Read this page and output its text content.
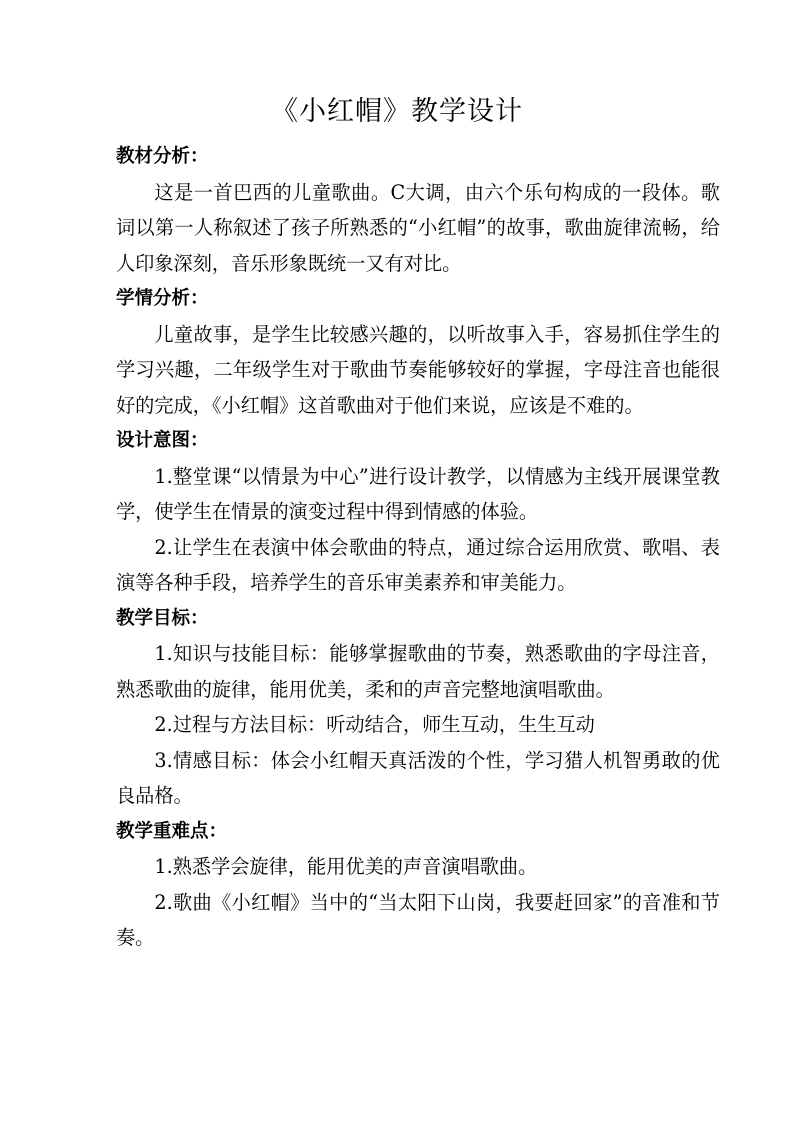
《小红帽》教学设计

教材分析：

这是一首巴西的儿童歌曲。C大调，由六个乐句构成的一段体。歌词以第一人称叙述了孩子所熟悉的“小红帽”的故事，歌曲旋律流畅，给人印象深刻，音乐形象既统一又有对比。

学情分析：

儿童故事，是学生比较感兴趣的，以听故事入手，容易抓住学生的学习兴趣，二年级学生对于歌曲节奏能够较好的掌握，字母注音也能很好的完成，《小红帽》这首歌曲对于他们来说，应该是不难的。

设计意图：

1.整堂课“以情景为中心”进行设计教学，以情感为主线开展课堂教学，使学生在情景的演变过程中得到情感的体验。

2.让学生在表演中体会歌曲的特点，通过综合运用欣赏、歌唱、表演等各种手段，培养学生的音乐审美素养和审美能力。

教学目标：

1.知识与技能目标：能够掌握歌曲的节奏，熟悉歌曲的字母注音，熟悉歌曲的旋律，能用优美，柔和的声音完整地演唱歌曲。

2.过程与方法目标：听动结合，师生互动，生生互动

3.情感目标：体会小红帽天真活泼的个性，学习猎人机智勇敢的优良品格。

教学重难点：

1.熟悉学会旋律，能用优美的声音演唱歌曲。

2.歌曲《小红帽》当中的“当太阳下山岗，我要赶回家”的音准和节奏。
